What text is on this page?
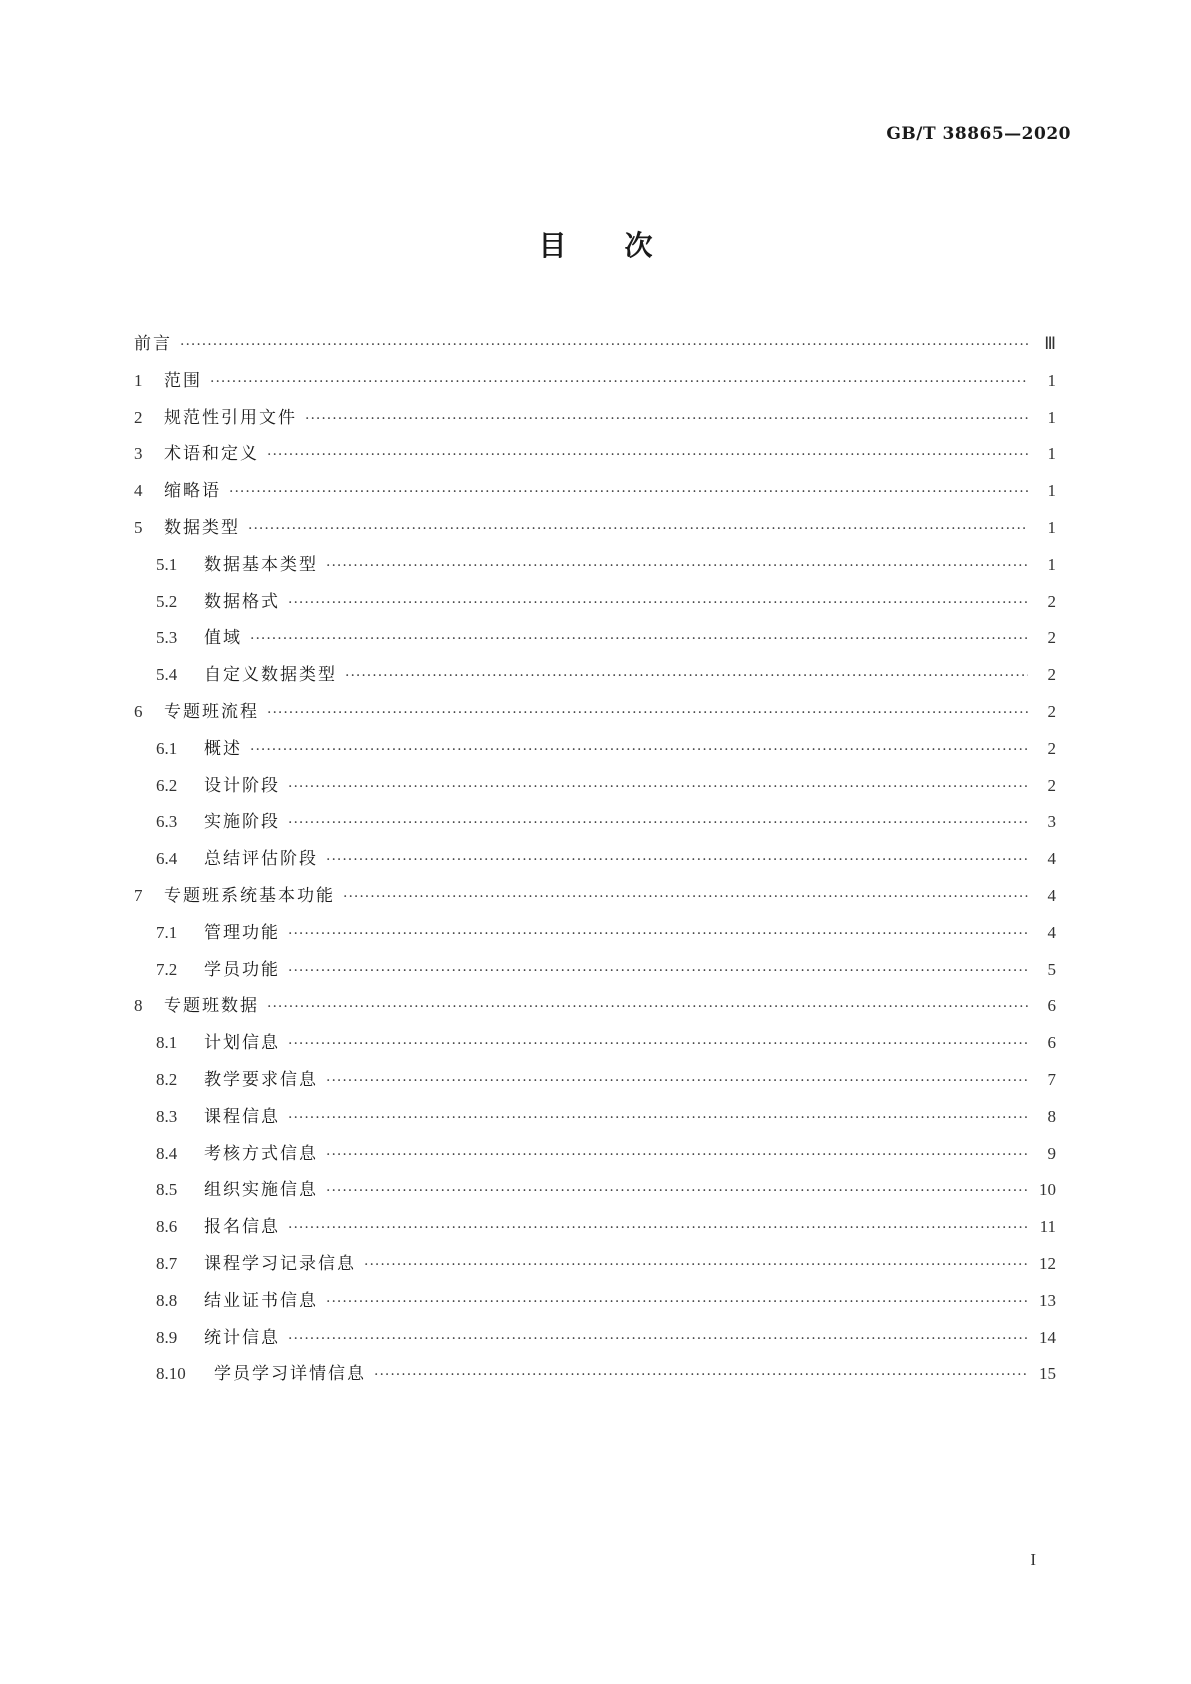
GB/T 38865—2020
目次
前言 ·····	Ⅲ
1	范围 ·····	1
2	规范性引用文件 ·····	1
3	术语和定义 ·····	1
4	缩略语 ·····	1
5	数据类型 ·····	1
5.1	数据基本类型 ·····	1
5.2	数据格式 ·····	2
5.3	值域 ·····	2
5.4	自定义数据类型 ·····	2
6	专题班流程 ·····	2
6.1	概述 ·····	2
6.2	设计阶段 ·····	2
6.3	实施阶段 ·····	3
6.4	总结评估阶段 ·····	4
7	专题班系统基本功能 ·····	4
7.1	管理功能 ·····	4
7.2	学员功能 ·····	5
8	专题班数据 ·····	6
8.1	计划信息 ·····	6
8.2	教学要求信息 ·····	7
8.3	课程信息 ·····	8
8.4	考核方式信息 ·····	9
8.5	组织实施信息 ·····	10
8.6	报名信息 ·····	11
8.7	课程学习记录信息 ·····	12
8.8	结业证书信息 ·····	13
8.9	统计信息 ·····	14
8.10	学员学习详情信息 ·····	15
I
